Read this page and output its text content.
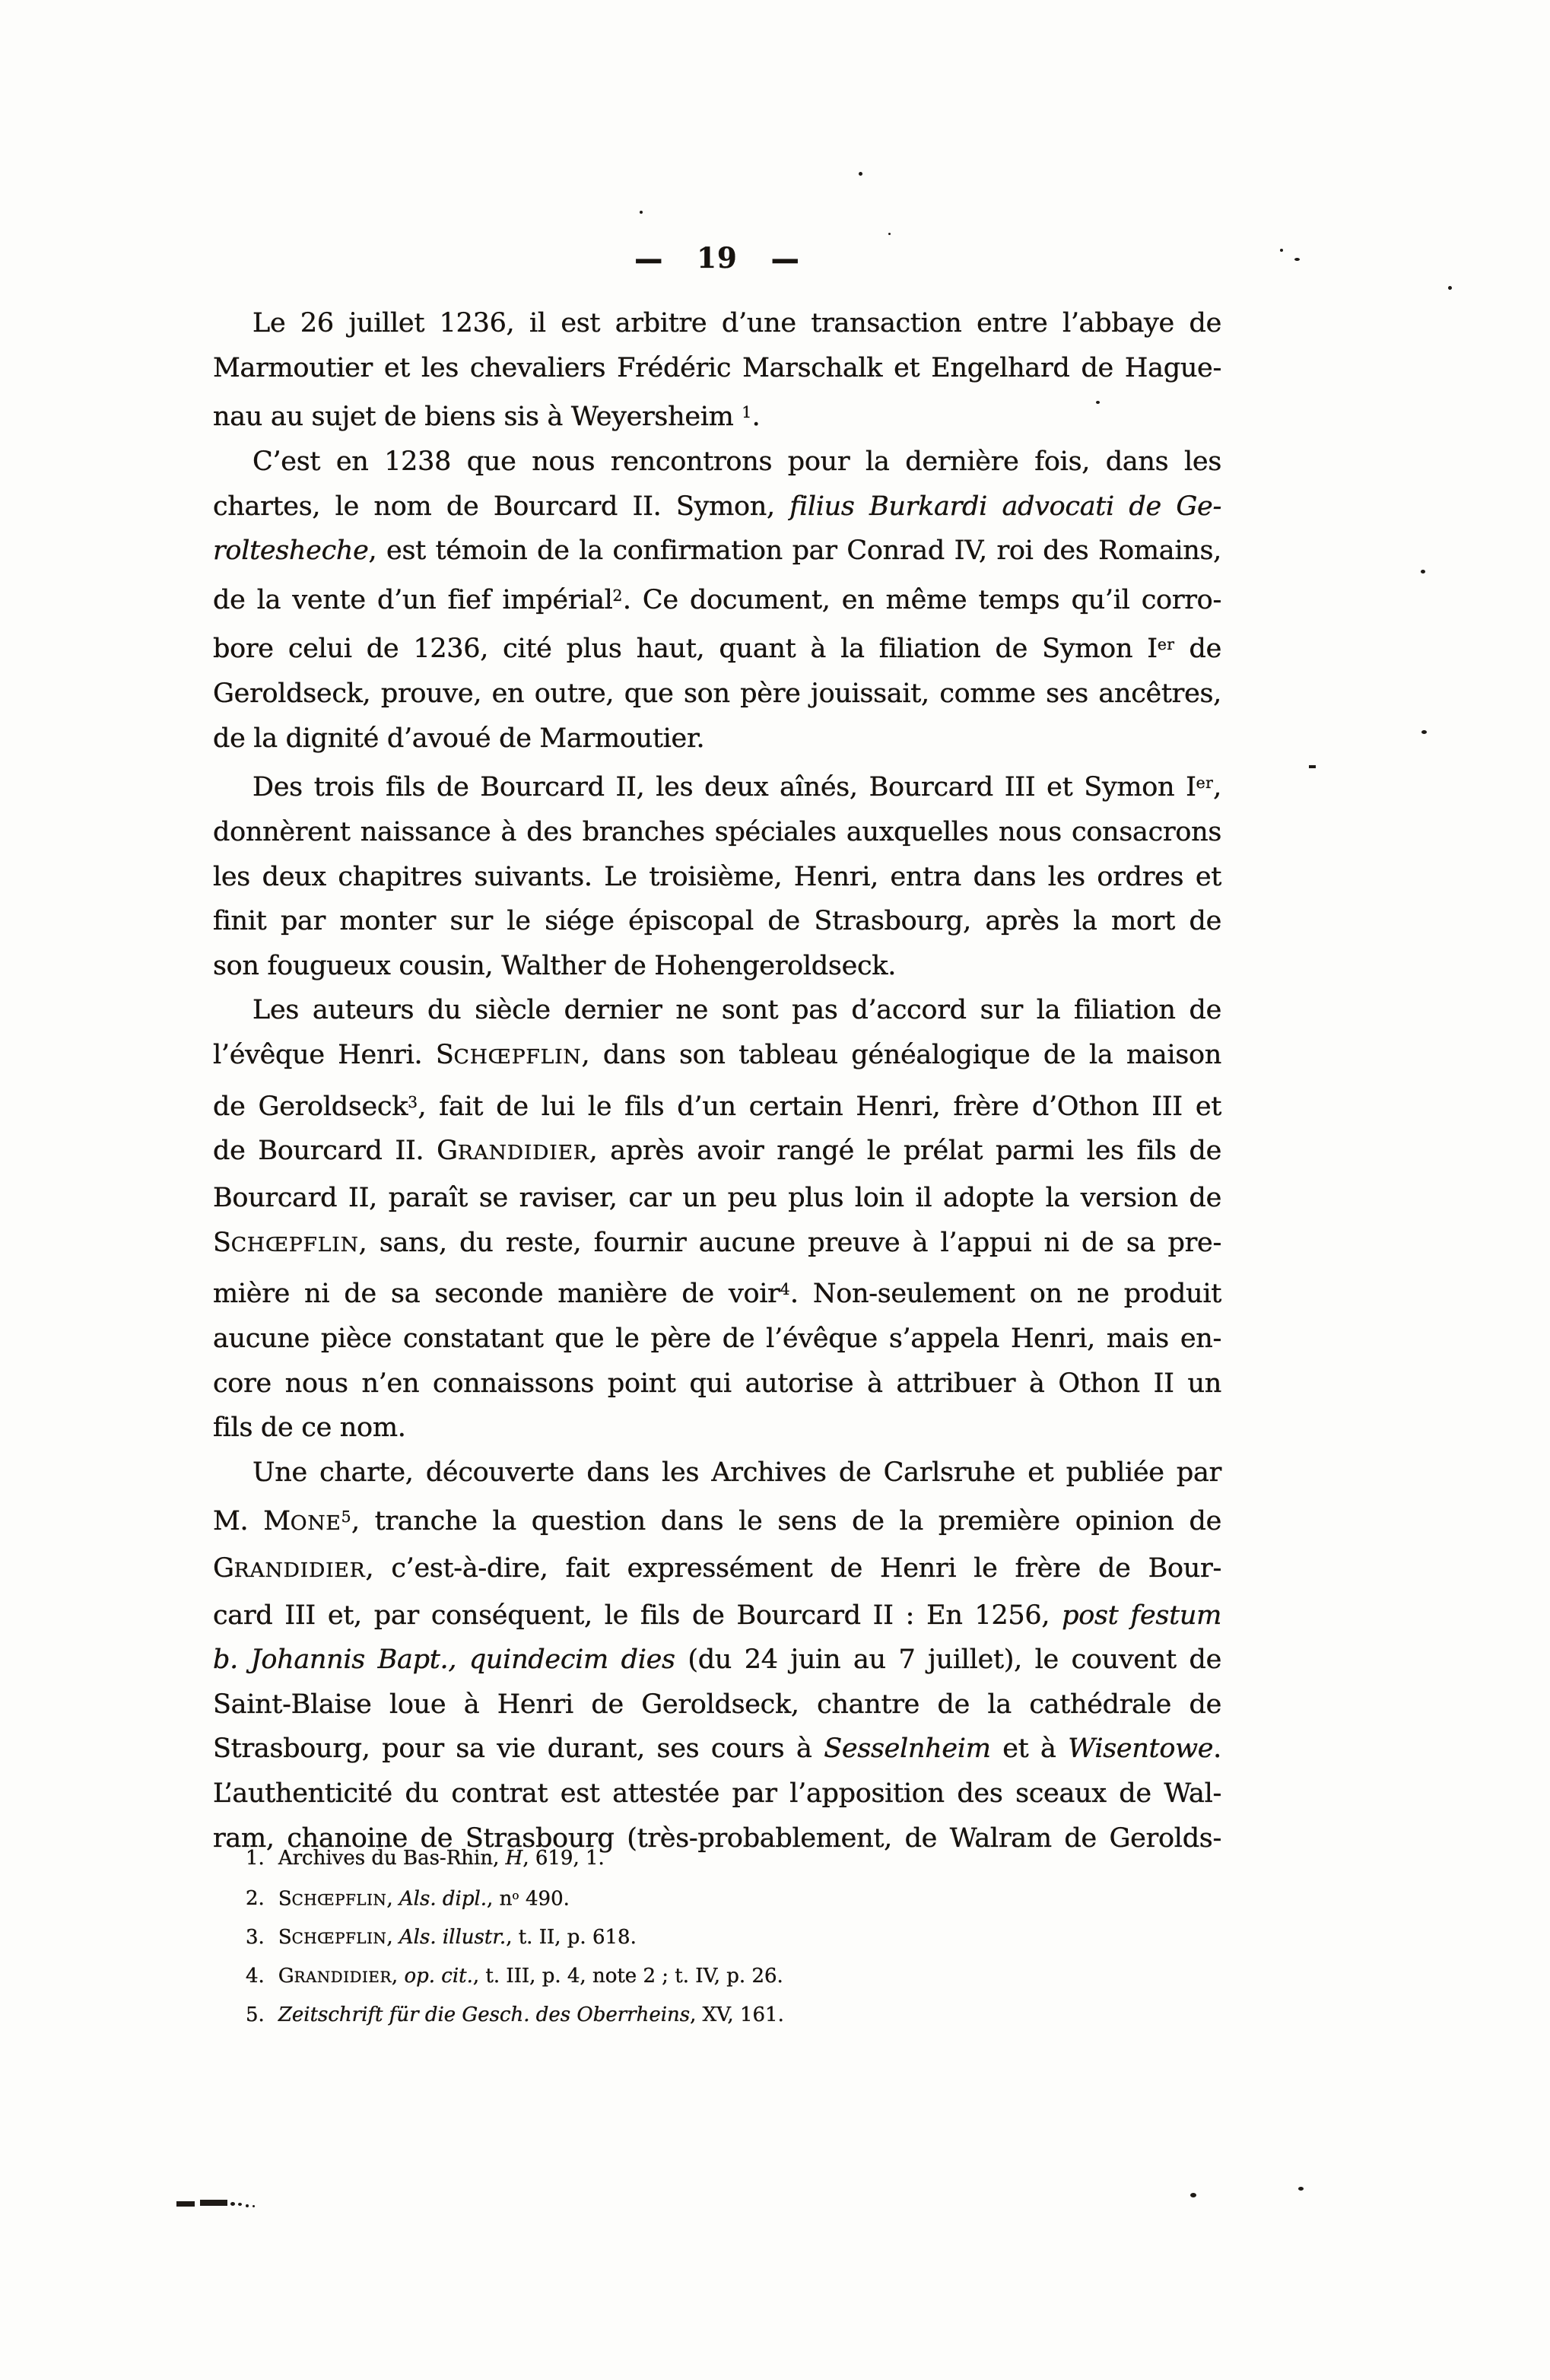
— 19 —
Le 26 juillet 1236, il est arbitre d’une transaction entre l’abbaye de
Marmoutier et les chevaliers Frédéric Marschalk et Engelhard de Hague-
nau au sujet de biens sis à Weyersheim $^1$.
C’est en 1238 que nous rencontrons pour la dernière fois, dans les
chartes, le nom de Bourcard II. Symon, filius Burkardi advocati de Ge-
roltesheche, est témoin de la confirmation par Conrad IV, roi des Romains,
de la vente d’un fief impérial$^2$. Ce document, en même temps qu’il corro-
bore celui de 1236, cité plus haut, quant à la filiation de Symon Ier de
Geroldseck, prouve, en outre, que son père jouissait, comme ses ancêtres,
de la dignité d’avoué de Marmoutier.
Des trois fils de Bourcard II, les deux aînés, Bourcard III et Symon Ier,
donnèrent naissance à des branches spéciales auxquelles nous consacrons
les deux chapitres suivants. Le troisième, Henri, entra dans les ordres et
finit par monter sur le siége épiscopal de Strasbourg, après la mort de
son fougueux cousin, Walther de Hohengeroldseck.
Les auteurs du siècle dernier ne sont pas d’accord sur la filiation de
l’évêque Henri. SCHŒPFLIN, dans son tableau généalogique de la maison
de Geroldseck$^3$, fait de lui le fils d’un certain Henri, frère d’Othon III et
de Bourcard II. GRANDIDIER, après avoir rangé le prélat parmi les fils de
Bourcard II, paraît se raviser, car un peu plus loin il adopte la version de
SCHŒPFLIN, sans, du reste, fournir aucune preuve à l’appui ni de sa pre-
mière ni de sa seconde manière de voir$^4$. Non-seulement on ne produit
aucune pièce constatant que le père de l’évêque s’appela Henri, mais en-
core nous n’en connaissons point qui autorise à attribuer à Othon II un
fils de ce nom.
Une charte, découverte dans les Archives de Carlsruhe et publiée par
M. MONE$^5$, tranche la question dans le sens de la première opinion de
GRANDIDIER, c’est-à-dire, fait expressément de Henri le frère de Bour-
card III et, par conséquent, le fils de Bourcard II : En 1256, post festum
b. Johannis Bapt., quindecim dies (du 24 juin au 7 juillet), le couvent de
Saint-Blaise loue à Henri de Geroldseck, chantre de la cathédrale de
Strasbourg, pour sa vie durant, ses cours à Sesselnheim et à Wisentowe.
L’authenticité du contrat est attestée par l’apposition des sceaux de Wal-
ram, chanoine de Strasbourg (très-probablement, de Walram de Gerolds-
1. Archives du Bas-Rhin, H, 619, 1.
2. SCHŒPFLIN, Als. dipl., $n^o$ 490.
3. SCHŒPFLIN, Als. illustr., t. II, p. 618.
4. GRANDIDIER, op. cit., t. III, p. 4, note 2 ; t. IV, p. 26.
5. Zeitschrift für die Gesch. des Oberrheins, XV, 161.
